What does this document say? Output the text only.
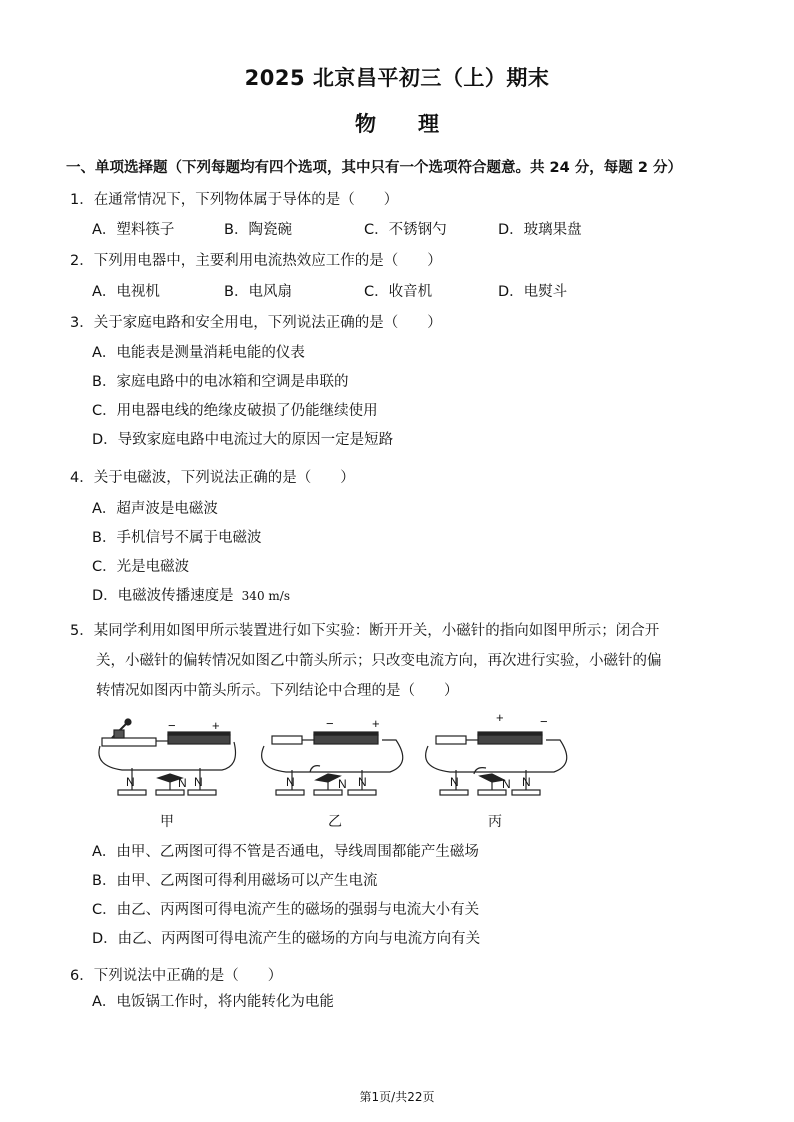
2025 北京昌平初三（上）期末
物　　理
一、单项选择题（下列每题均有四个选项，其中只有一个选项符合题意。共 24 分，每题 2 分）
1．在通常情况下，下列物体属于导体的是（　　）
A．塑料筷子	B．陶瓷碗	C．不锈钢勺	D．玻璃果盘
2．下列用电器中，主要利用电流热效应工作的是（　　）
A．电视机	B．电风扇	C．收音机	D．电熨斗
3．关于家庭电路和安全用电，下列说法正确的是（　　）
A．电能表是测量消耗电能的仪表
B．家庭电路中的电冰箱和空调是串联的
C．用电器电线的绝缘皮破损了仍能继续使用
D．导致家庭电路中电流过大的原因一定是短路
4．关于电磁波，下列说法正确的是（　　）
A．超声波是电磁波
B．手机信号不属于电磁波
C．光是电磁波
D．电磁波传播速度是 340 m/s
5．某同学利用如图甲所示装置进行如下实验：断开开关，小磁针的指向如图甲所示；闭合开
关，小磁针的偏转情况如图乙中箭头所示；只改变电流方向，再次进行实验，小磁针的偏
转情况如图丙中箭头所示。下列结论中合理的是（　　）
−	+
N	N N
−	+
N	N N
+	−
N	N N
甲	乙	丙
A．由甲、乙两图可得不管是否通电，导线周围都能产生磁场
B．由甲、乙两图可得利用磁场可以产生电流
C．由乙、丙两图可得电流产生的磁场的强弱与电流大小有关
D．由乙、丙两图可得电流产生的磁场的方向与电流方向有关
6．下列说法中正确的是（　　）
A．电饭锅工作时，将内能转化为电能
第1页/共22页
